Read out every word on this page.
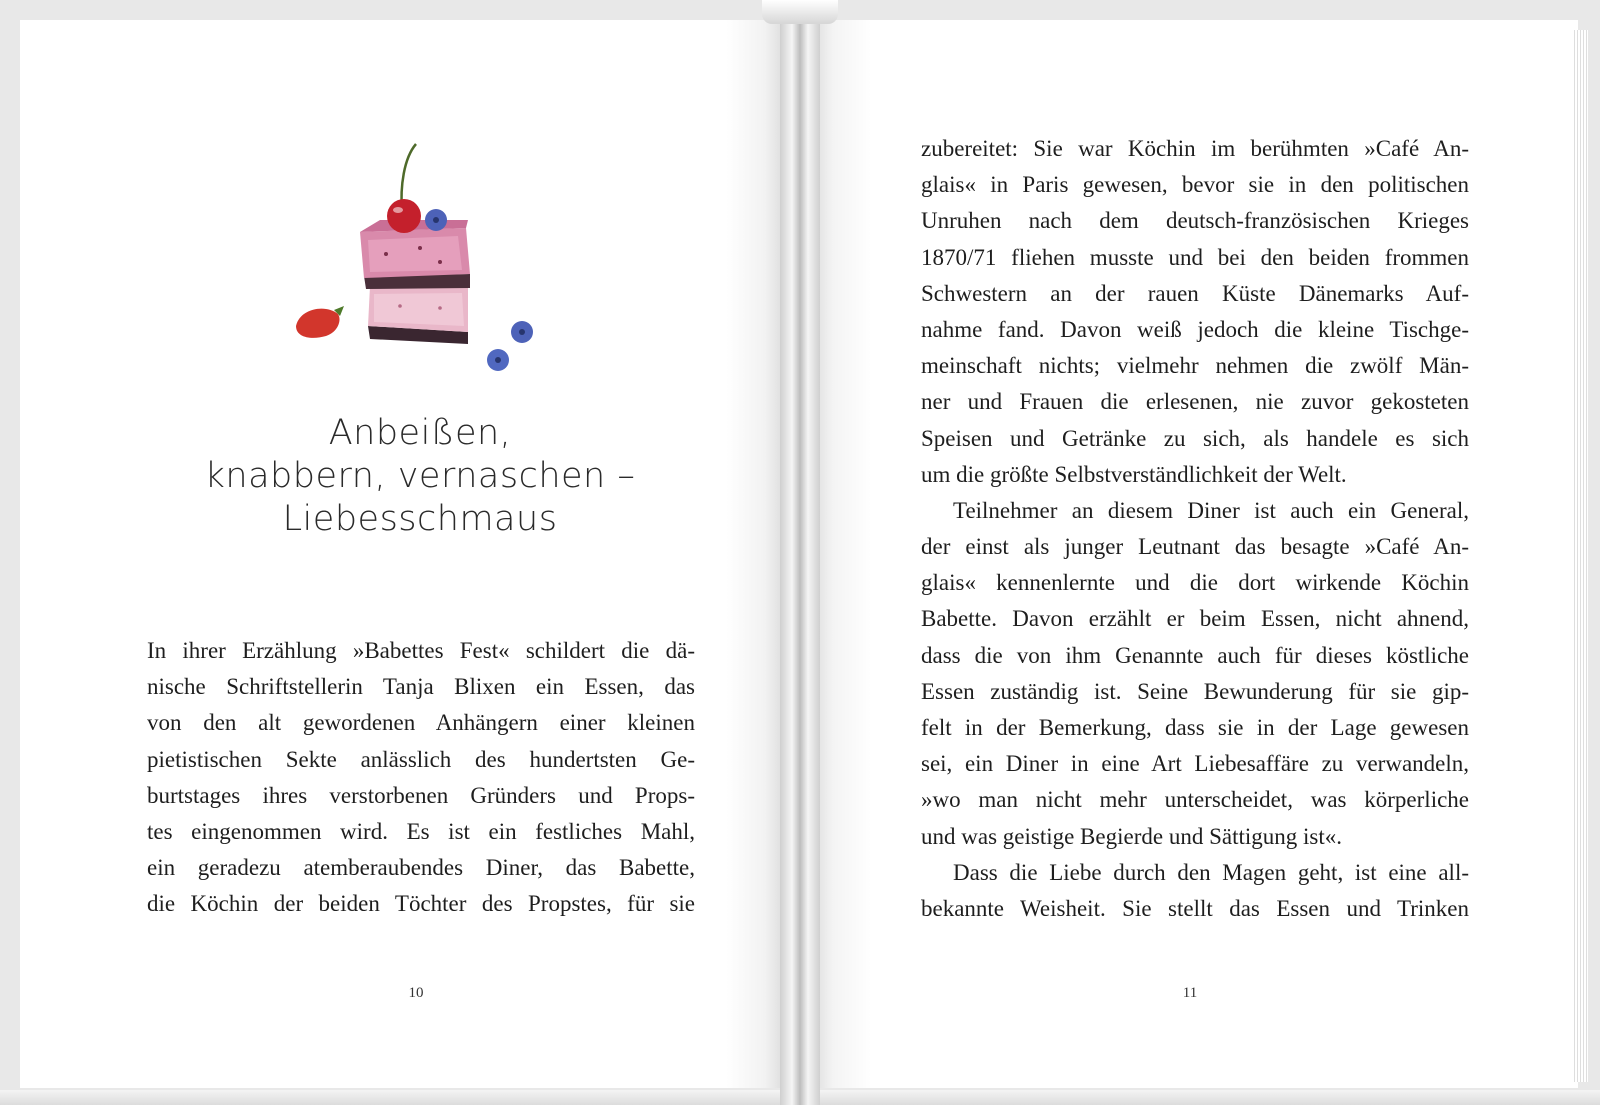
Anbeißen,
knabbern, vernaschen –
Liebesschmaus
In ihrer Erzählung »Babettes Fest« schildert die dä-
nische Schriftstellerin Tanja Blixen ein Essen, das
von den alt gewordenen Anhängern einer kleinen
pietistischen Sekte anlässlich des hundertsten Ge-
burtstages ihres verstorbenen Gründers und Props-
tes eingenommen wird. Es ist ein festliches Mahl,
ein geradezu atemberaubendes Diner, das Babette,
die Köchin der beiden Töchter des Propstes, für sie
zubereitet: Sie war Köchin im berühmten »Café An-
glais« in Paris gewesen, bevor sie in den politischen
Unruhen nach dem deutsch-französischen Krieges
1870/71 fliehen musste und bei den beiden frommen
Schwestern an der rauen Küste Dänemarks Auf-
nahme fand. Davon weiß jedoch die kleine Tischge-
meinschaft nichts; vielmehr nehmen die zwölf Män-
ner und Frauen die erlesenen, nie zuvor gekosteten
Speisen und Getränke zu sich, als handele es sich
um die größte Selbstverständlichkeit der Welt.
Teilnehmer an diesem Diner ist auch ein General,
der einst als junger Leutnant das besagte »Café An-
glais« kennenlernte und die dort wirkende Köchin
Babette. Davon erzählt er beim Essen, nicht ahnend,
dass die von ihm Genannte auch für dieses köstliche
Essen zuständig ist. Seine Bewunderung für sie gip-
felt in der Bemerkung, dass sie in der Lage gewesen
sei, ein Diner in eine Art Liebesaffäre zu verwandeln,
»wo man nicht mehr unterscheidet, was körperliche
und was geistige Begierde und Sättigung ist«.
Dass die Liebe durch den Magen geht, ist eine all-
bekannte Weisheit. Sie stellt das Essen und Trinken
10	11
